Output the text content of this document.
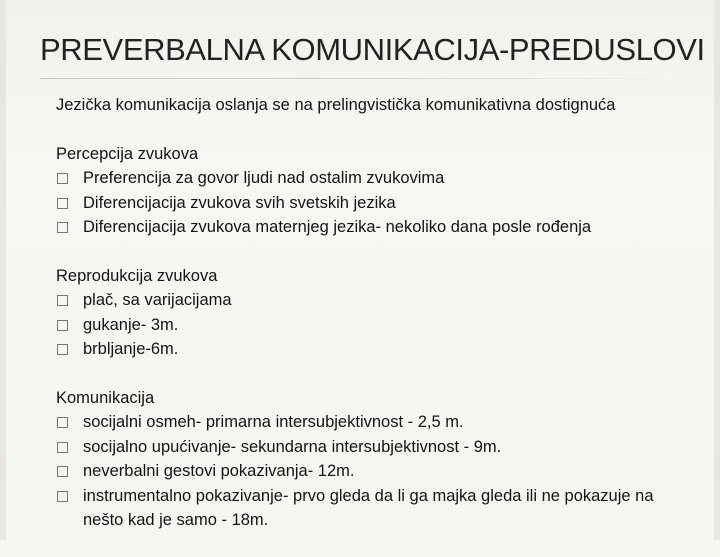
PREVERBALNA KOMUNIKACIJA-PREDUSLOVI

Jezička komunikacija oslanja se na prelingvistička komunikativna dostignuća

Percepcija zvukova

Preferencija za govor ljudi nad ostalim zvukovima
Diferencijacija zvukova svih svetskih jezika
Diferencijacija zvukova maternjeg jezika- nekoliko dana posle rođenja

Reprodukcija zvukova

plač, sa varijacijama
gukanje- 3m.
brbljanje-6m.

Komunikacija

socijalni osmeh- primarna intersubjektivnost - 2,5 m.
socijalno upućivanje- sekundarna intersubjektivnost - 9m.
neverbalni gestovi pokazivanja- 12m.
instrumentalno pokazivanje- prvo gleda da li ga majka gleda ili ne pokazuje na nešto kad je samo - 18m.
